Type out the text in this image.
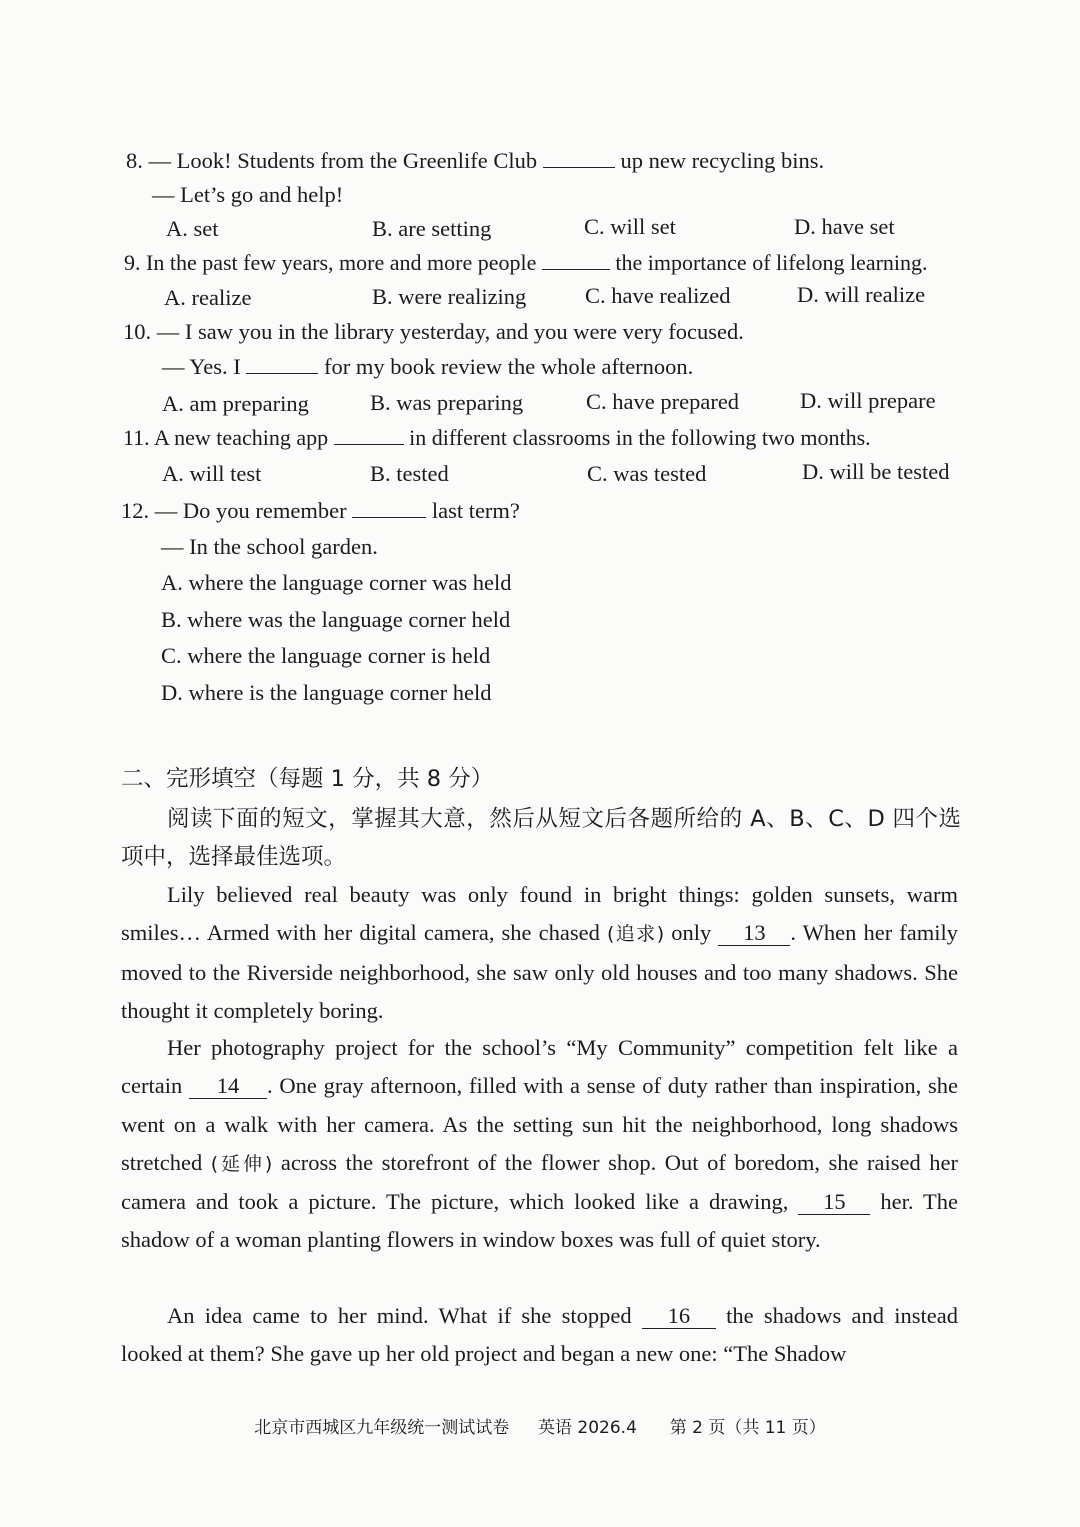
8. — Look! Students from the Greenlife Club	up new recycling bins.
— Let’s go and help!
A. set	B. are setting	C. will set	D. have set
9. In the past few years, more and more people	the importance of lifelong learning.
A. realize	B. were realizing	C. have realized	D. will realize
10. — I saw you in the library yesterday, and you were very focused.
— Yes. I	for my book review the whole afternoon.
A. am preparing	B. was preparing	C. have prepared	D. will prepare
11. A new teaching app	in different classrooms in the following two months.
A. will test	B. tested	C. was tested	D. will be tested
12. — Do you remember	last term?
— In the school garden.
A. where the language corner was held
B. where was the language corner held
C. where the language corner is held
D. where is the language corner held
二、完形填空（每题 1 分，共 8 分）
阅读下面的短文，掌握其大意，然后从短文后各题所给的 A、B、C、D 四个选项中，选择最佳选项。
Lily believed real beauty was only found in bright things: golden sunsets, warm smiles… Armed with her digital camera, she chased (追求) only 13 . When her family moved to the Riverside neighborhood, she saw only old houses and too many shadows. She thought it completely boring.
Her photography project for the school’s “My Community” competition felt like a certain 14 . One gray afternoon, filled with a sense of duty rather than inspiration, she went on a walk with her camera. As the setting sun hit the neighborhood, long shadows stretched (延伸) across the storefront of the flower shop. Out of boredom, she raised her camera and took a picture. The picture, which looked like a drawing, 15 her. The shadow of a woman planting flowers in window boxes was full of quiet story.
An idea came to her mind. What if she stopped 16 the shadows and instead looked at them? She gave up her old project and began a new one: “The Shadow
北京市西城区九年级统一测试试卷 英语 2026.4 第 2 页（共 11 页）
